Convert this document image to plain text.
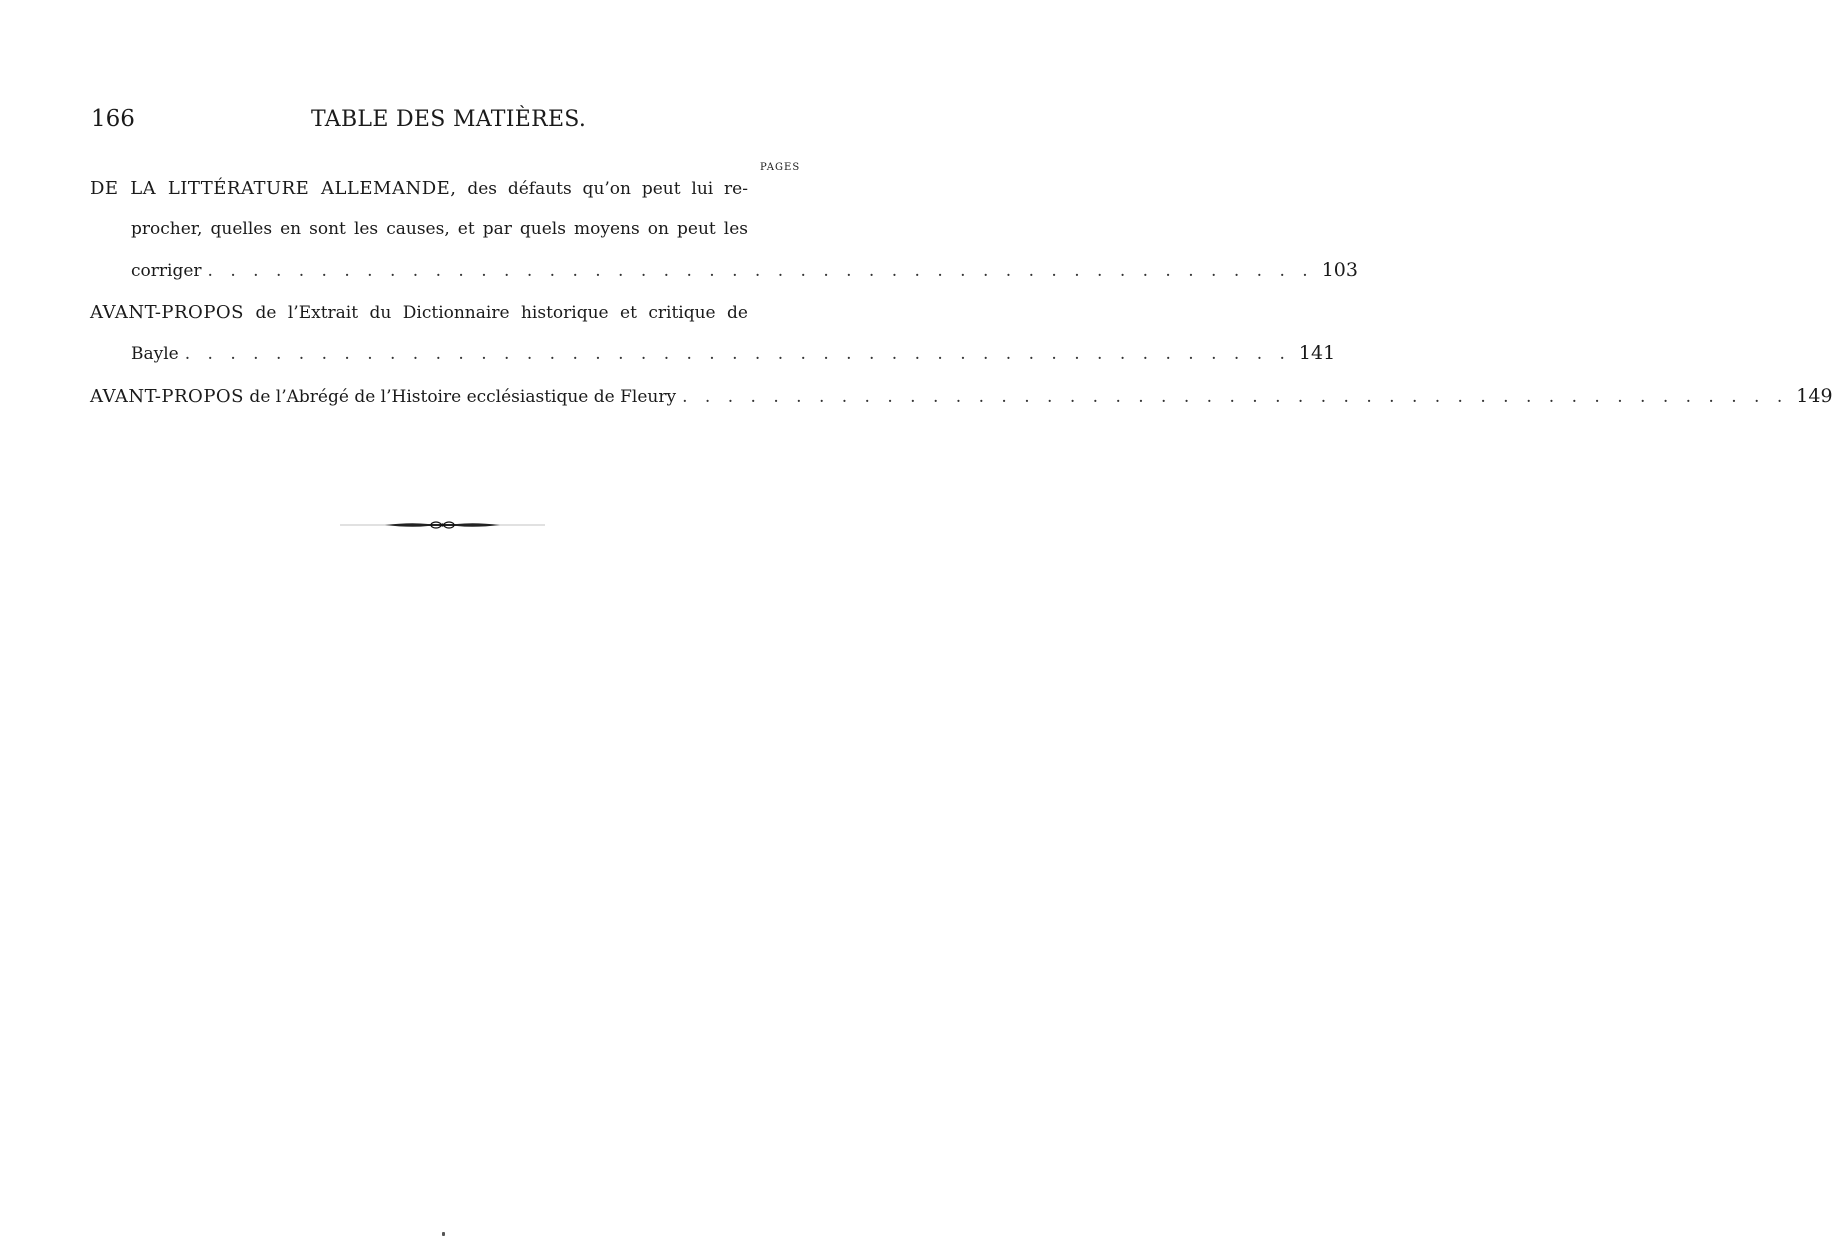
166	TABLE DES MATIÈRES.
PAGES
DE LA LITTÉRATURE ALLEMANDE, des défauts qu’on peut lui re-
procher, quelles en sont les causes, et par quels moyens on peut les
corriger . . . . . . . . . . . . . . . . . . . . . . . . . . . . . . . . . . . . . . . . . . . . . . . . . 103
AVANT-PROPOS de l’Extrait du Dictionnaire historique et critique de
Bayle . . . . . . . . . . . . . . . . . . . . . . . . . . . . . . . . . . . . . . . . . . . . . . . . . 141
AVANT-PROPOS de l’Abrégé de l’Histoire ecclésiastique de Fleury . . . . . . . . . . . . . . . . . . . . . . . . . . . . . . . . . . . . . . . . . . . . . . . . . 149
